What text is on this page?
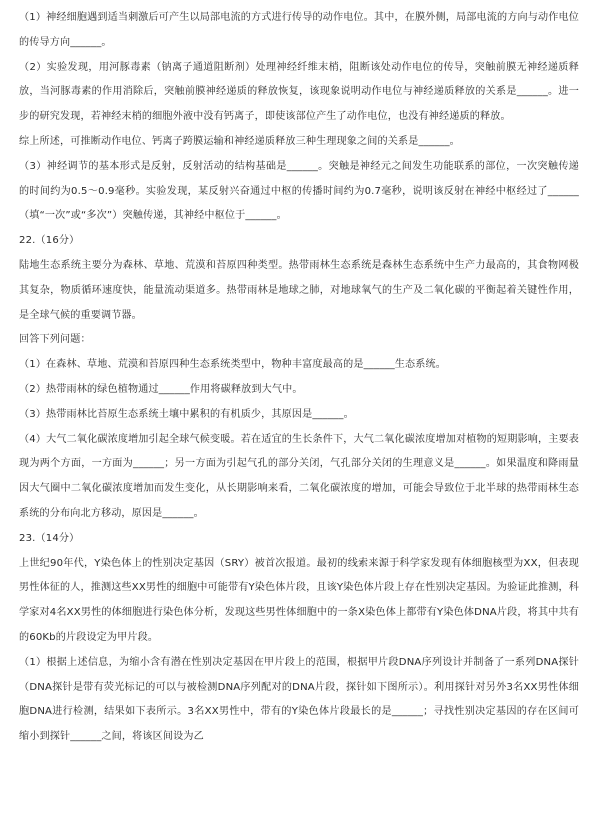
（1）神经细胞遇到适当刺激后可产生以局部电流的方式进行传导的动作电位。其中，在膜外侧，局部电流的方向与动作电位的传导方向______。

（2）实验发现，用河豚毒素（钠离子通道阻断剂）处理神经纤维末梢，阻断该处动作电位的传导，突触前膜无神经递质释放，当河豚毒素的作用消除后，突触前膜神经递质的释放恢复，该现象说明动作电位与神经递质释放的关系是______。进一步的研究发现，若神经末梢的细胞外液中没有钙离子，即使该部位产生了动作电位，也没有神经递质的释放。

综上所述，可推断动作电位、钙离子跨膜运输和神经递质释放三种生理现象之间的关系是______。

（3）神经调节的基本形式是反射，反射活动的结构基础是______。突触是神经元之间发生功能联系的部位，一次突触传递的时间约为0.5～0.9毫秒。实验发现，某反射兴奋通过中枢的传播时间约为0.7毫秒，说明该反射在神经中枢经过了______（填“一次”或“多次”）突触传递，其神经中枢位于______。

22.（16分）

陆地生态系统主要分为森林、草地、荒漠和苔原四种类型。热带雨林生态系统是森林生态系统中生产力最高的，其食物网极其复杂，物质循环速度快，能量流动渠道多。热带雨林是地球之肺，对地球氧气的生产及二氧化碳的平衡起着关键性作用，是全球气候的重要调节器。

回答下列问题：

（1）在森林、草地、荒漠和苔原四种生态系统类型中，物种丰富度最高的是______生态系统。

（2）热带雨林的绿色植物通过______作用将碳释放到大气中。

（3）热带雨林比苔原生态系统土壤中累积的有机质少，其原因是______。

（4）大气二氧化碳浓度增加引起全球气候变暖。若在适宜的生长条件下，大气二氧化碳浓度增加对植物的短期影响，主要表现为两个方面，一方面为______；另一方面为引起气孔的部分关闭，气孔部分关闭的生理意义是______。如果温度和降雨量因大气圈中二氧化碳浓度增加而发生变化，从长期影响来看，二氧化碳浓度的增加，可能会导致位于北半球的热带雨林生态系统的分布向北方移动，原因是______。

23.（14分）

上世纪90年代，Y染色体上的性别决定基因（SRY）被首次报道。最初的线索来源于科学家发现有体细胞核型为XX，但表现男性体征的人，推测这些XX男性的细胞中可能带有Y染色体片段，且该Y染色体片段上存在性别决定基因。为验证此推测，科学家对4名XX男性的体细胞进行染色体分析，发现这些男性体细胞中的一条X染色体上都带有Y染色体DNA片段，将其中共有的60Kb的片段设定为甲片段。

（1）根据上述信息，为缩小含有潜在性别决定基因在甲片段上的范围，根据甲片段DNA序列设计并制备了一系列DNA探针（DNA探针是带有荧光标记的可以与被检测DNA序列配对的DNA片段，探针如下图所示）。利用探针对另外3名XX男性体细胞DNA进行检测，结果如下表所示。3名XX男性中，带有的Y染色体片段最长的是______；寻找性别决定基因的存在区间可缩小到探针______之间，将该区间设为乙
